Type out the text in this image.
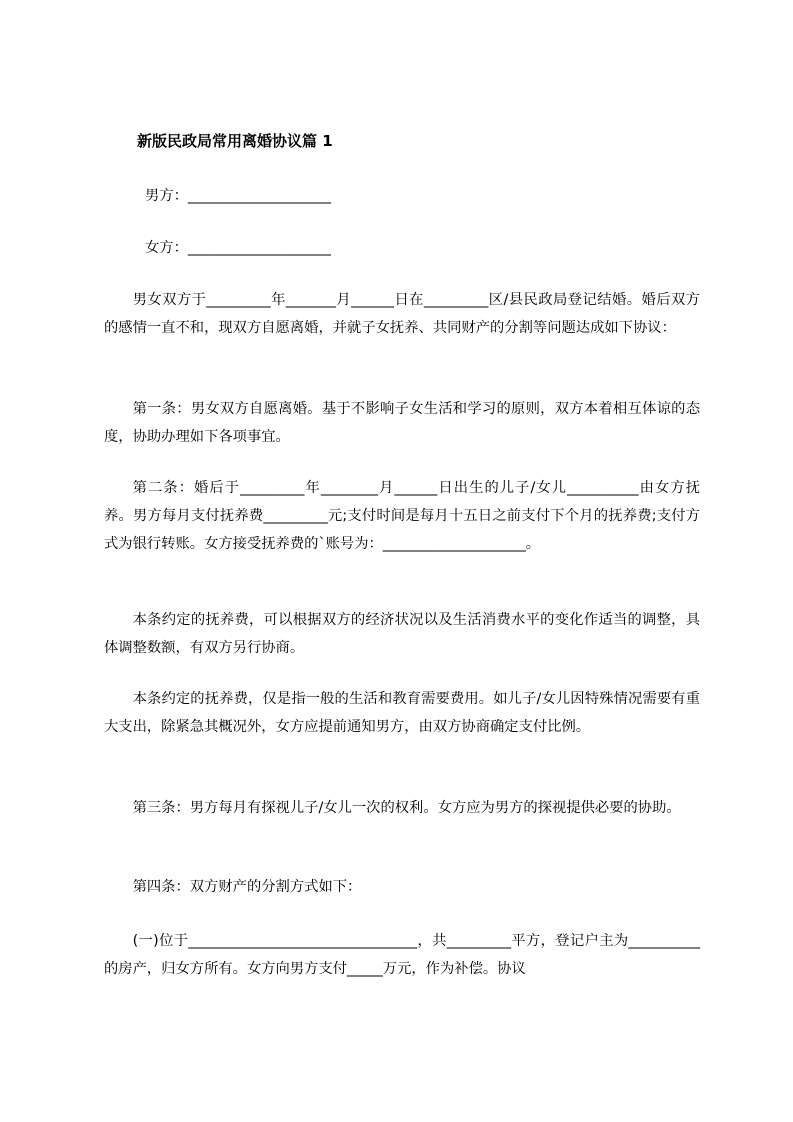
新版民政局常用离婚协议篇 1
男方：____________________
女方：____________________

男女双方于_________年_______月______日在_________区/县民政局登记结婚。婚后双方的感情一直不和，现双方自愿离婚，并就子女抚养、共同财产的分割等问题达成如下协议：

第一条：男女双方自愿离婚。基于不影响子女生活和学习的原则，双方本着相互体谅的态度，协助办理如下各项事宜。

第二条：婚后于_________年________月______日出生的儿子/女儿__________由女方抚养。男方每月支付抚养费_________元;支付时间是每月十五日之前支付下个月的抚养费;支付方式为银行转账。女方接受抚养费的`账号为：____________________。

本条约定的抚养费，可以根据双方的经济状况以及生活消费水平的变化作适当的调整，具体调整数额，有双方另行协商。

本条约定的抚养费，仅是指一般的生活和教育需要费用。如儿子/女儿因特殊情况需要有重大支出，除紧急其概况外，女方应提前通知男方，由双方协商确定支付比例。

第三条：男方每月有探视儿子/女儿一次的权利。女方应为男方的探视提供必要的协助。

第四条：双方财产的分割方式如下：

(一)位于________________________________，共_________平方，登记户主为__________的房产，归女方所有。女方向男方支付_____万元，作为补偿。协议
